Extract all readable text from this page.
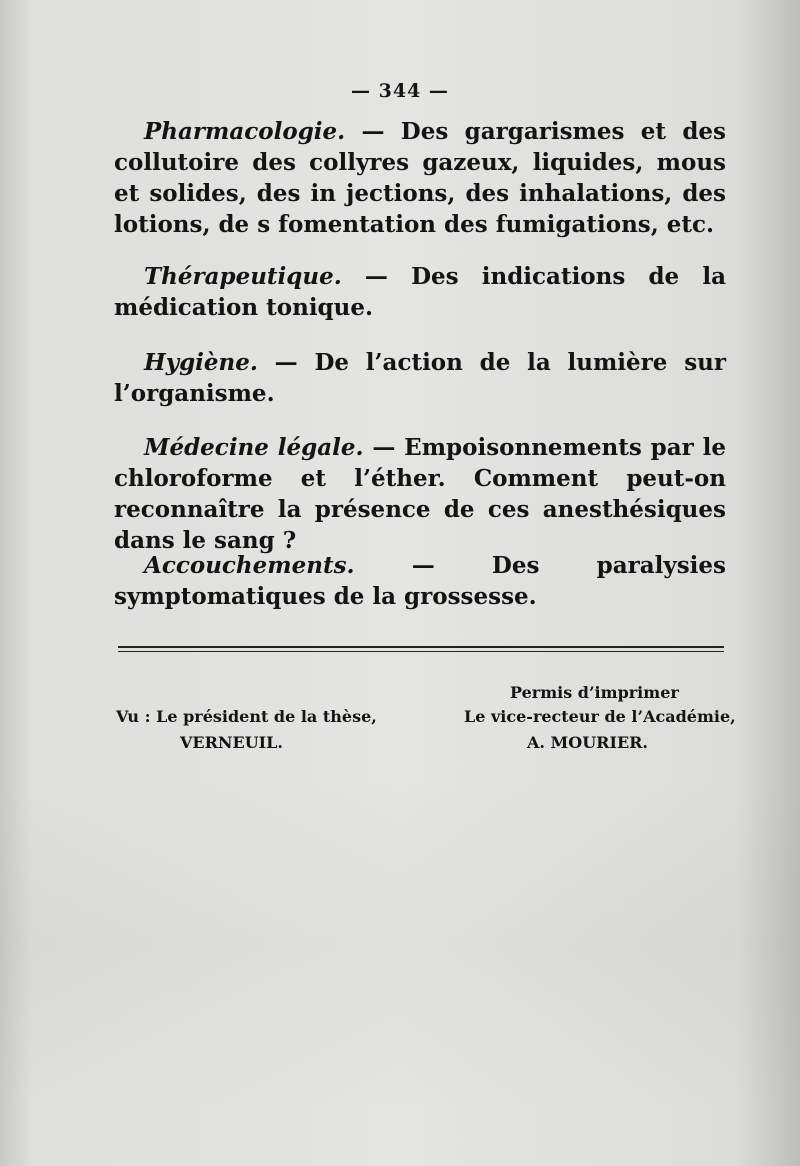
— 344 —
Pharmacologie. — Des gargarismes et des collutoire des collyres gazeux, liquides, mous et solides, des in jections, des inhalations, des lotions, de s fomentation des fumigations, etc.
Thérapeutique. — Des indications de la médication tonique.
Hygiène. — De l’action de la lumière sur l’organisme.
Médecine légale. — Empoisonnements par le chloroforme et l’éther. Comment peut-on reconnaître la présence de ces anesthésiques dans le sang ?
Accouchements. — Des paralysies symptomatiques de la grossesse.
Permis d’imprimer
Vu : Le président de la thèse,
VERNEUIL.
Le vice-recteur de l’Académie,
A. MOURIER.
